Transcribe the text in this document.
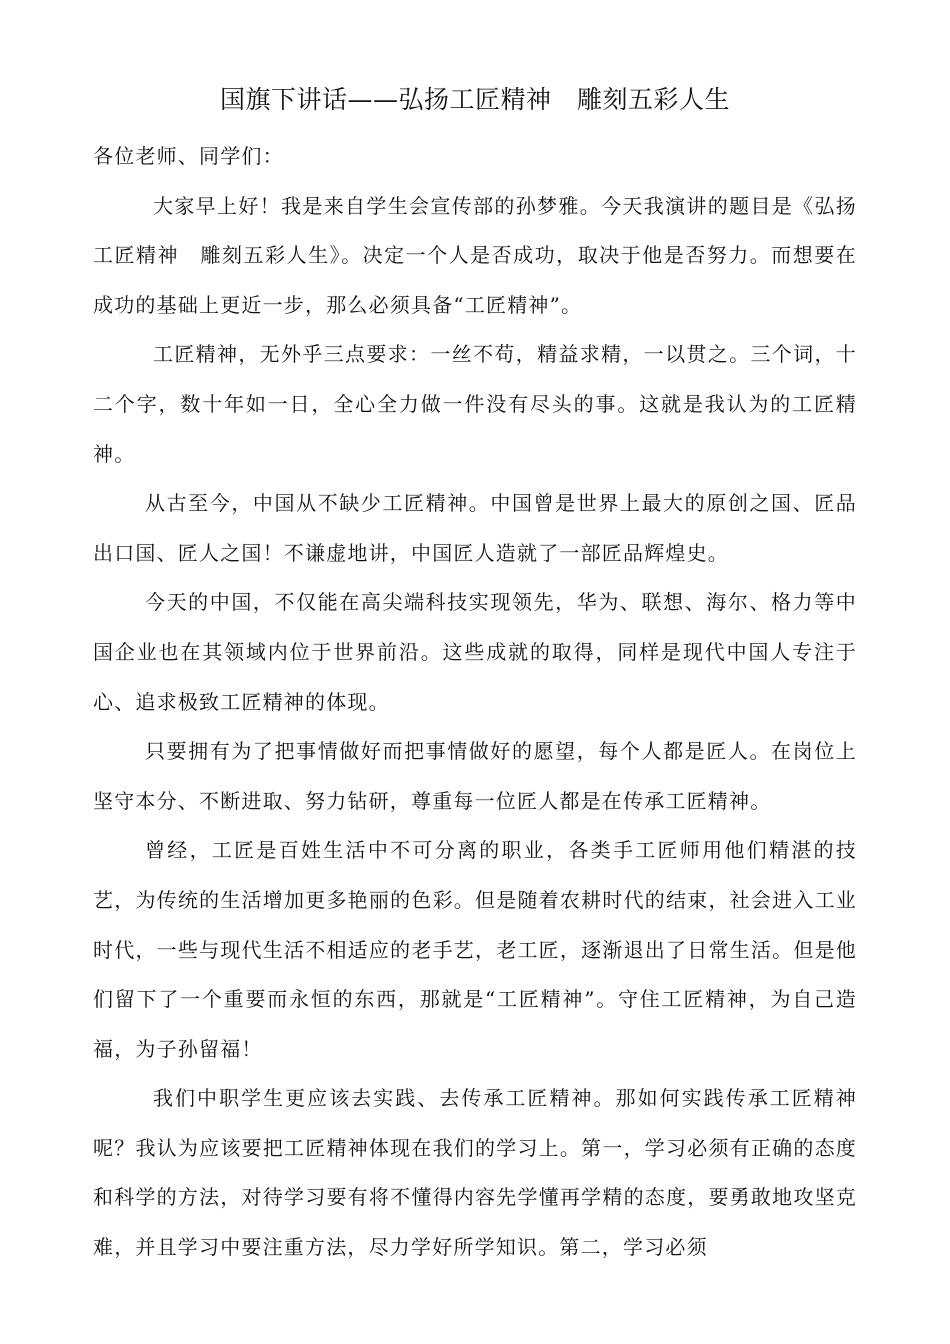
国旗下讲话——弘扬工匠精神　雕刻五彩人生

各位老师、同学们：

大家早上好！我是来自学生会宣传部的孙梦雅。今天我演讲的题目是《弘扬工匠精神　雕刻五彩人生》。决定一个人是否成功，取决于他是否努力。而想要在成功的基础上更近一步，那么必须具备“工匠精神”。

工匠精神，无外乎三点要求：一丝不苟，精益求精，一以贯之。三个词，十二个字，数十年如一日，全心全力做一件没有尽头的事。这就是我认为的工匠精神。

从古至今，中国从不缺少工匠精神。中国曾是世界上最大的原创之国、匠品出口国、匠人之国！不谦虚地讲，中国匠人造就了一部匠品辉煌史。

今天的中国，不仅能在高尖端科技实现领先，华为、联想、海尔、格力等中国企业也在其领域内位于世界前沿。这些成就的取得，同样是现代中国人专注于心、追求极致工匠精神的体现。

只要拥有为了把事情做好而把事情做好的愿望，每个人都是匠人。在岗位上坚守本分、不断进取、努力钻研，尊重每一位匠人都是在传承工匠精神。

曾经，工匠是百姓生活中不可分离的职业，各类手工匠师用他们精湛的技艺，为传统的生活增加更多艳丽的色彩。但是随着农耕时代的结束，社会进入工业时代，一些与现代生活不相适应的老手艺，老工匠，逐渐退出了日常生活。但是他们留下了一个重要而永恒的东西，那就是“工匠精神”。守住工匠精神，为自己造福，为子孙留福！

我们中职学生更应该去实践、去传承工匠精神。那如何实践传承工匠精神呢？我认为应该要把工匠精神体现在我们的学习上。第一，学习必须有正确的态度和科学的方法，对待学习要有将不懂得内容先学懂再学精的态度，要勇敢地攻坚克难，并且学习中要注重方法，尽力学好所学知识。第二，学习必须
